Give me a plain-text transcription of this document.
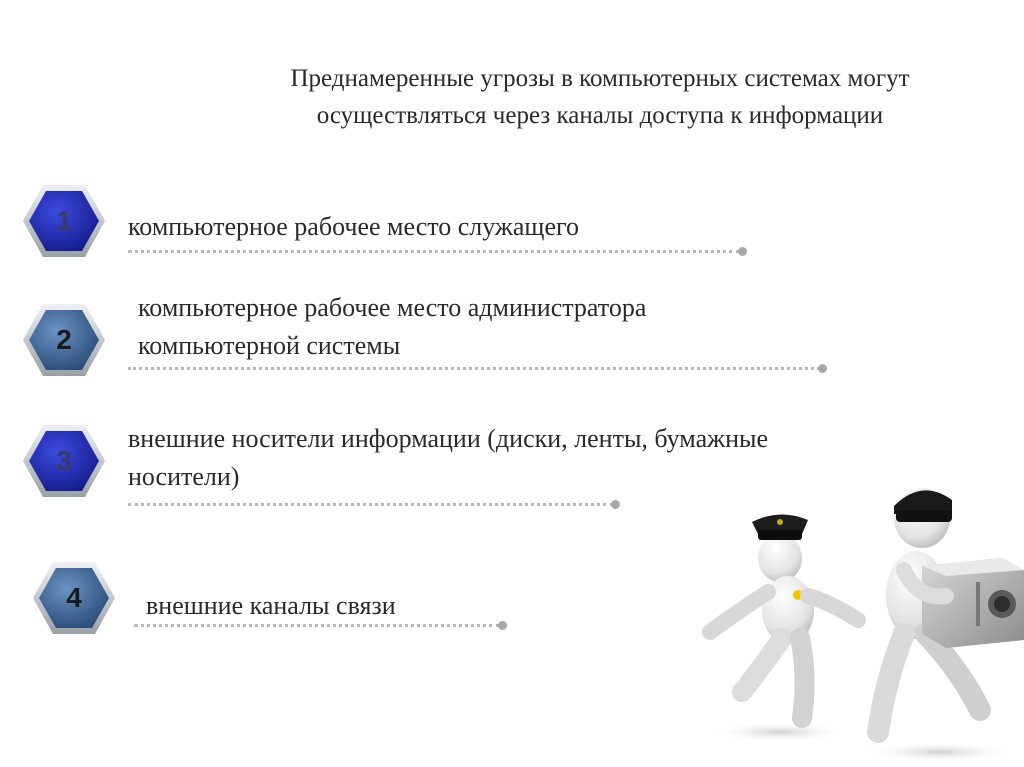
Преднамеренные угрозы в компьютерных системах могут
осуществляться через каналы доступа к информации
1	компьютерное рабочее место служащего
2
компьютерное рабочее место администратора
компьютерной системы
3
внешние носители информации (диски, ленты, бумажные
носители)
4	внешние каналы связи
